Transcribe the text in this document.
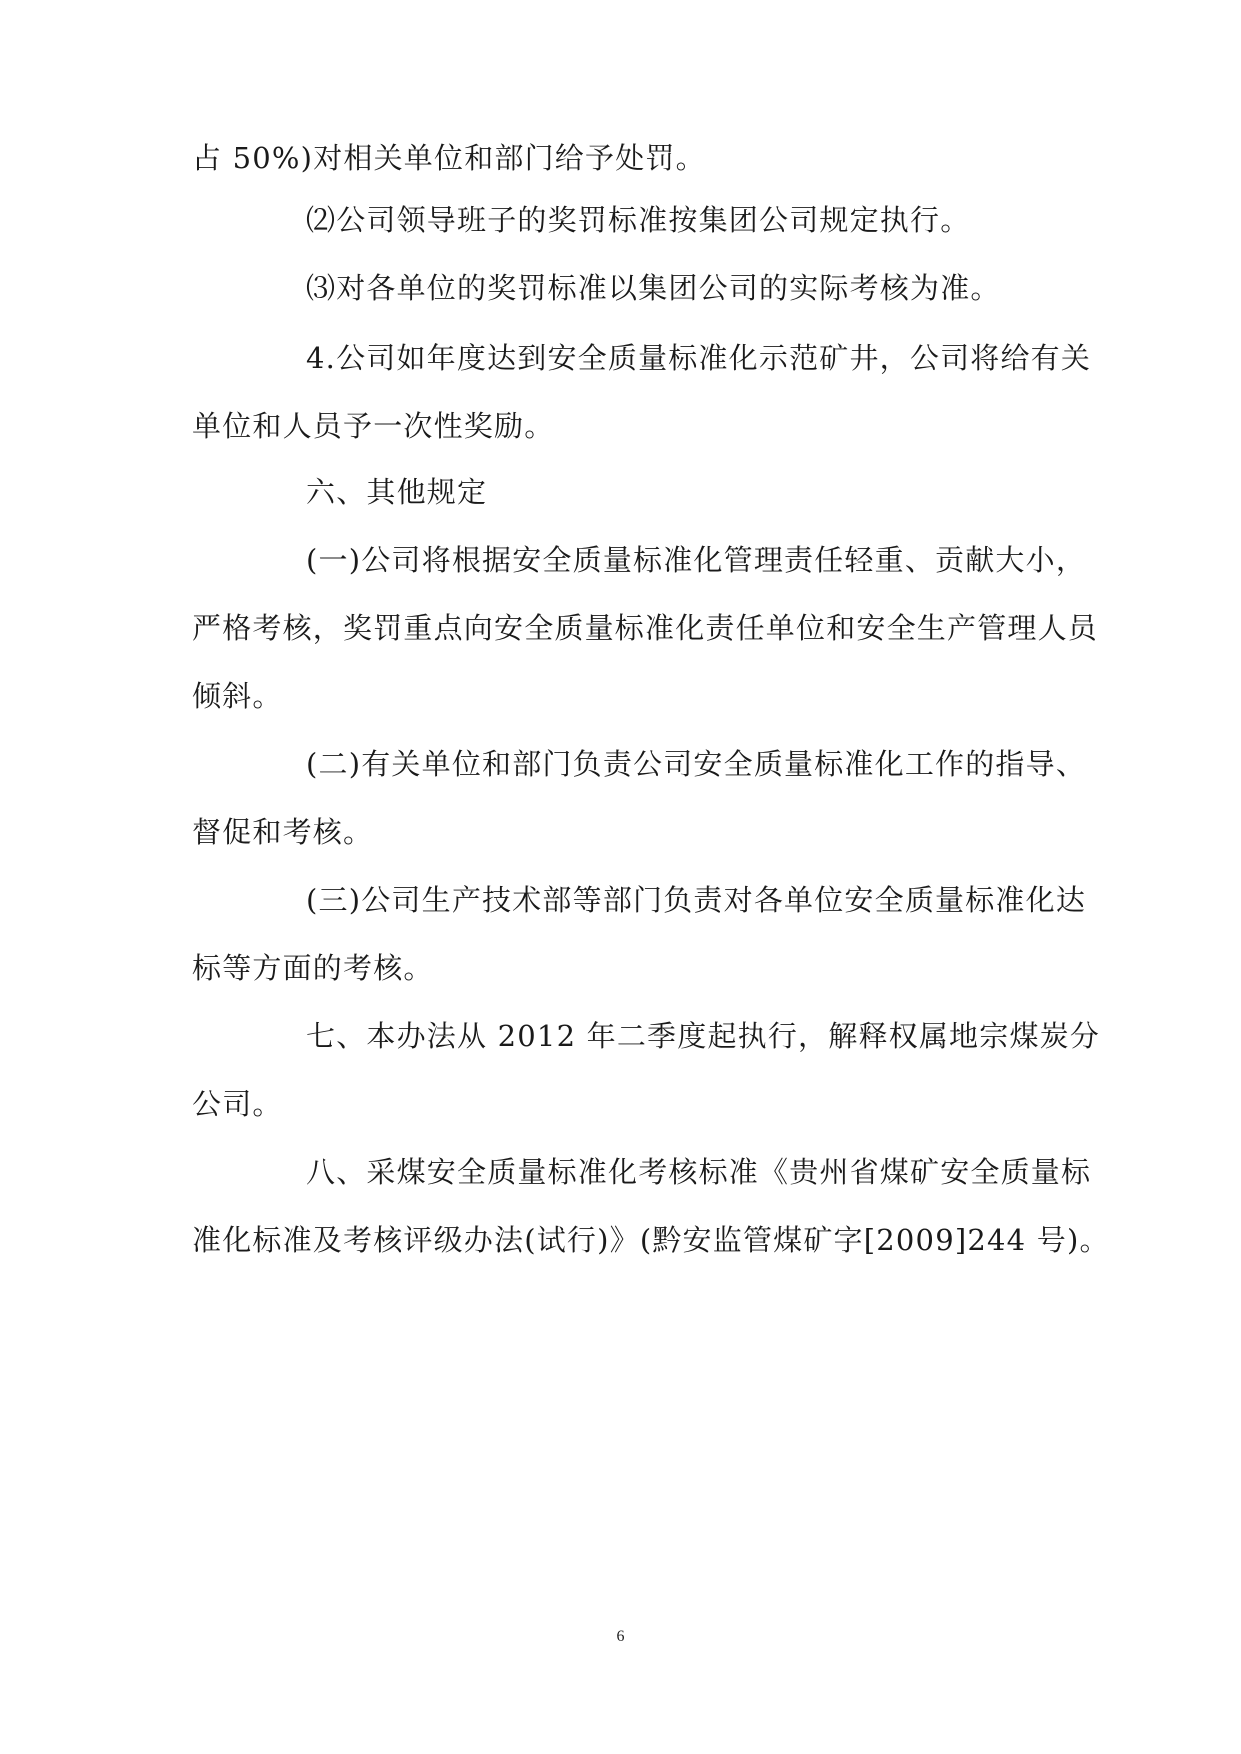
占 50%)对相关单位和部门给予处罚。
⑵公司领导班子的奖罚标准按集团公司规定执行。
⑶对各单位的奖罚标准以集团公司的实际考核为准。
4.公司如年度达到安全质量标准化示范矿井，公司将给有关
单位和人员予一次性奖励。
六、其他规定
(一)公司将根据安全质量标准化管理责任轻重、贡献大小，
严格考核，奖罚重点向安全质量标准化责任单位和安全生产管理人员
倾斜。
(二)有关单位和部门负责公司安全质量标准化工作的指导、
督促和考核。
(三)公司生产技术部等部门负责对各单位安全质量标准化达
标等方面的考核。
七、本办法从 2012 年二季度起执行，解释权属地宗煤炭分
公司。
八、采煤安全质量标准化考核标准《贵州省煤矿安全质量标
准化标准及考核评级办法(试行)》(黔安监管煤矿字[2009]244 号)。
6
